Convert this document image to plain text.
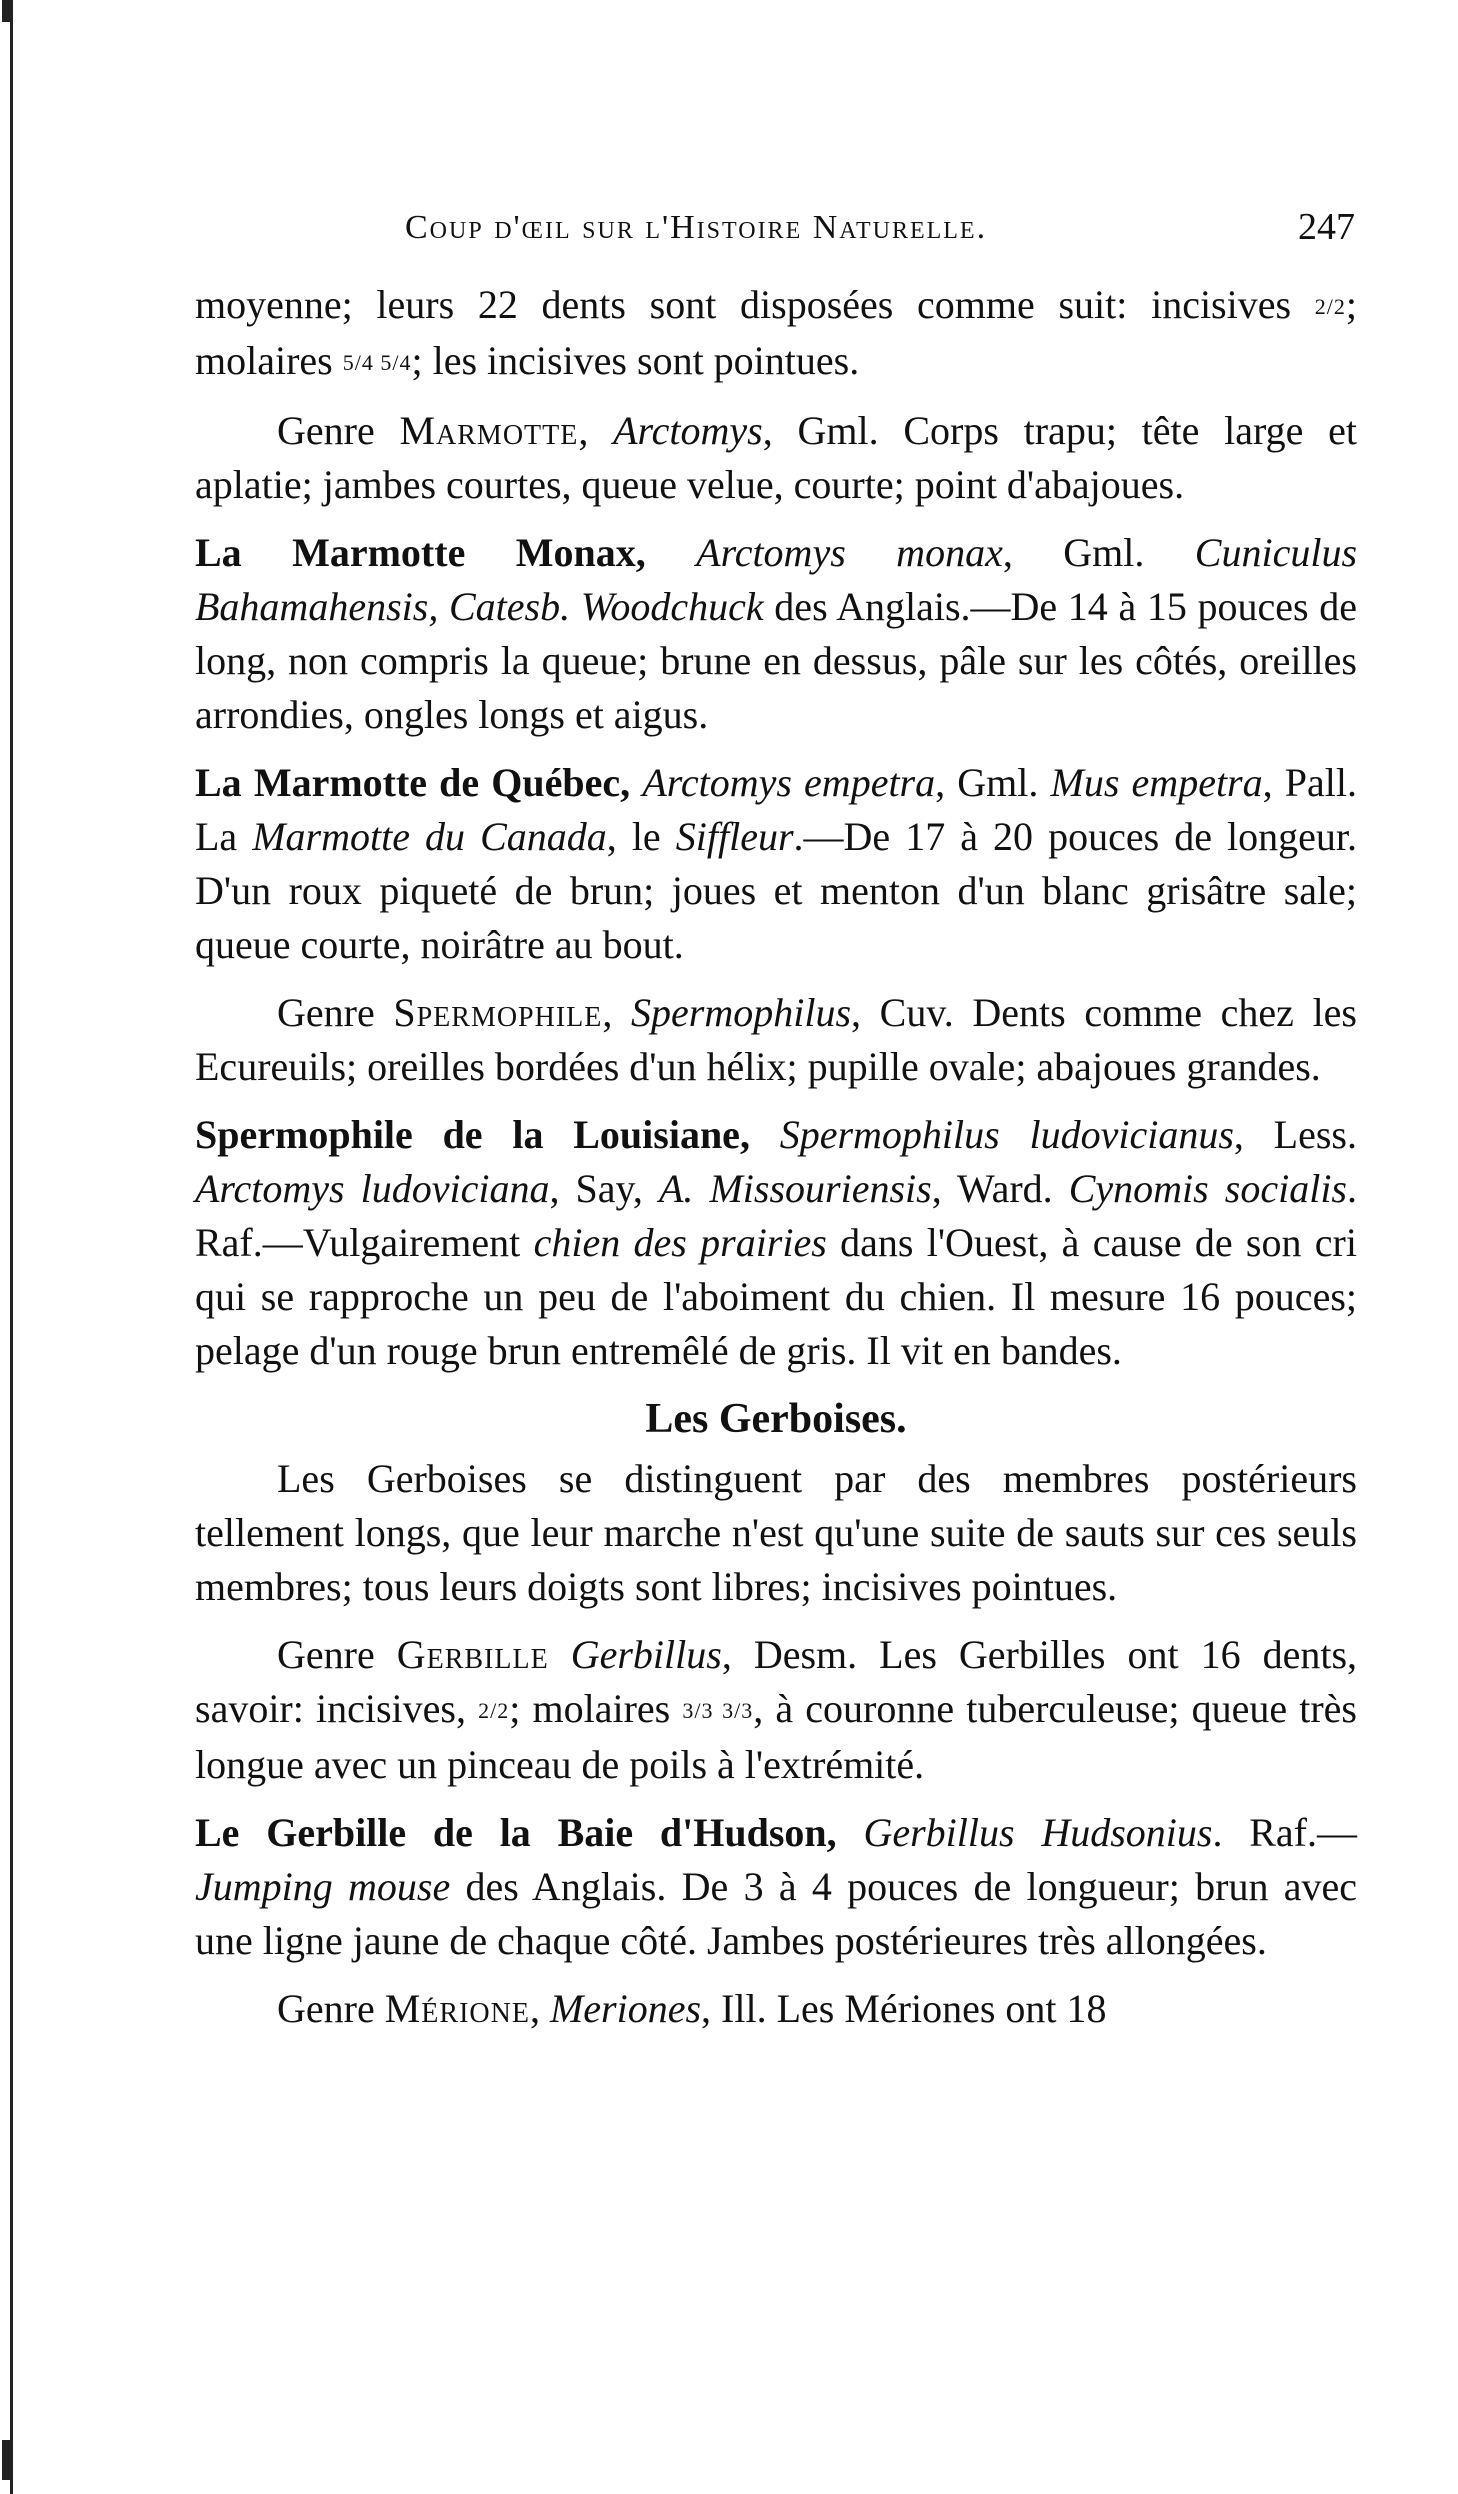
Coup d'œil sur l'Histoire Naturelle.	247

moyenne; leurs 22 dents sont disposées comme suit: incisives 2/2; molaires 5/4 5/4; les incisives sont pointues.

Genre Marmotte, Arctomys, Gml. Corps trapu; tête large et aplatie; jambes courtes, queue velue, courte; point d'abajoues.

La Marmotte Monax, Arctomys monax, Gml. Cuniculus Bahamahensis, Catesb. Woodchuck des Anglais.—De 14 à 15 pouces de long, non compris la queue; brune en dessus, pâle sur les côtés, oreilles arrondies, ongles longs et aigus.

La Marmotte de Québec, Arctomys empetra, Gml. Mus empetra, Pall. La Marmotte du Canada, le Siffleur.—De 17 à 20 pouces de longeur. D'un roux piqueté de brun; joues et menton d'un blanc grisâtre sale; queue courte, noirâtre au bout.

Genre Spermophile, Spermophilus, Cuv. Dents comme chez les Ecureuils; oreilles bordées d'un hélix; pupille ovale; abajoues grandes.

Spermophile de la Louisiane, Spermophilus ludovicianus, Less. Arctomys ludoviciana, Say, A. Missouriensis, Ward. Cynomis socialis. Raf.—Vulgairement chien des prairies dans l'Ouest, à cause de son cri qui se rapproche un peu de l'aboiment du chien. Il mesure 16 pouces; pelage d'un rouge brun entremêlé de gris. Il vit en bandes.

Les Gerboises.

Les Gerboises se distinguent par des membres postérieurs tellement longs, que leur marche n'est qu'une suite de sauts sur ces seuls membres; tous leurs doigts sont libres; incisives pointues.

Genre Gerbille Gerbillus, Desm. Les Gerbilles ont 16 dents, savoir: incisives, 2/2; molaires 3/3 3/3, à couronne tuberculeuse; queue très longue avec un pinceau de poils à l'extrémité.

Le Gerbille de la Baie d'Hudson, Gerbillus Hudsonius. Raf.—Jumping mouse des Anglais. De 3 à 4 pouces de longueur; brun avec une ligne jaune de chaque côté. Jambes postérieures très allongées.

Genre Mérione, Meriones, Ill. Les Mériones ont 18
